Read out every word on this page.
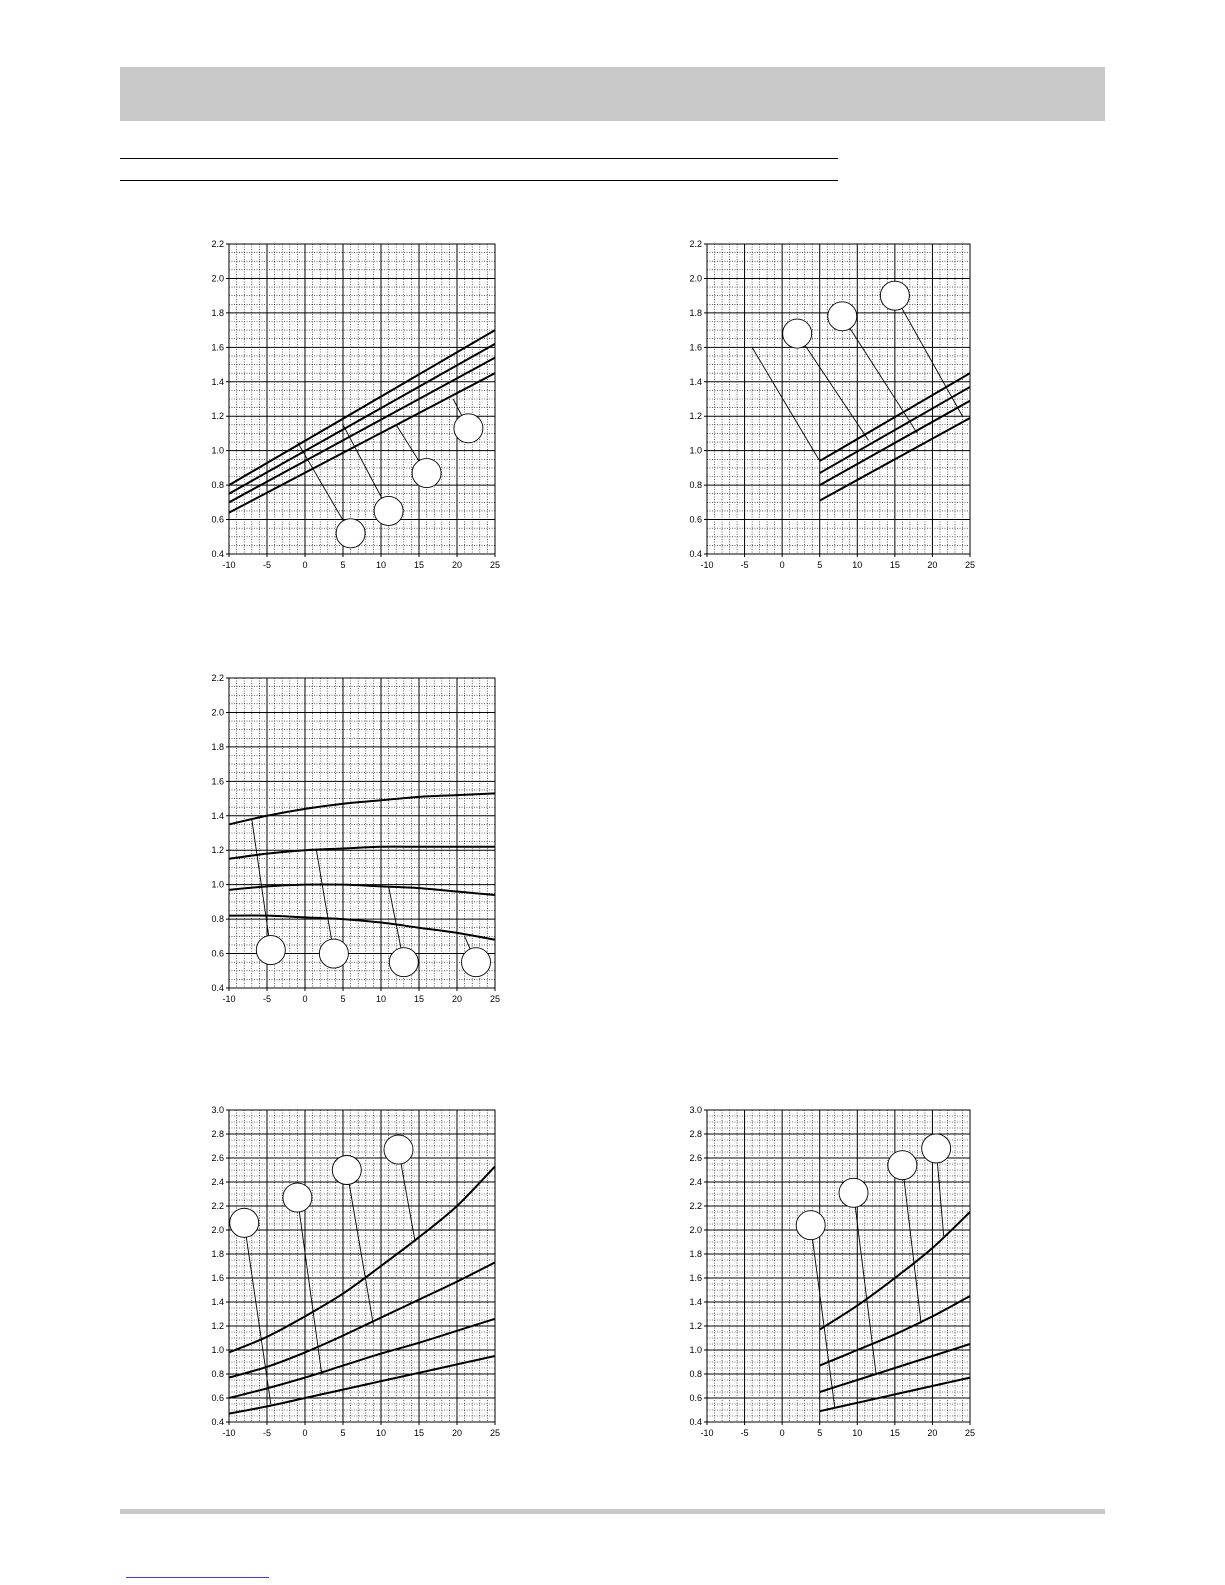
-10	-5	0	5	10	15	20	25
0.4
0.6
0.8
1.0
1.2
1.4
1.6
1.8
2.0
2.2
-10	-5	0	5	10	15	20	25
0.4
0.6
0.8
1.0
1.2
1.4
1.6
1.8
2.0
2.2
-10	-5	0	5	10	15	20	25
0.4
0.6
0.8
1.0
1.2
1.4
1.6
1.8
2.0
2.2
-10	-5	0	5	10	15	20	25
0.4
0.6
0.8
1.0
1.2
1.4
1.6
1.8
2.0
2.2
2.4
2.6
2.8
3.0
-10	-5	0	5	10	15	20	25
0.4
0.6
0.8
1.0
1.2
1.4
1.6
1.8
2.0
2.2
2.4
2.6
2.8
3.0
